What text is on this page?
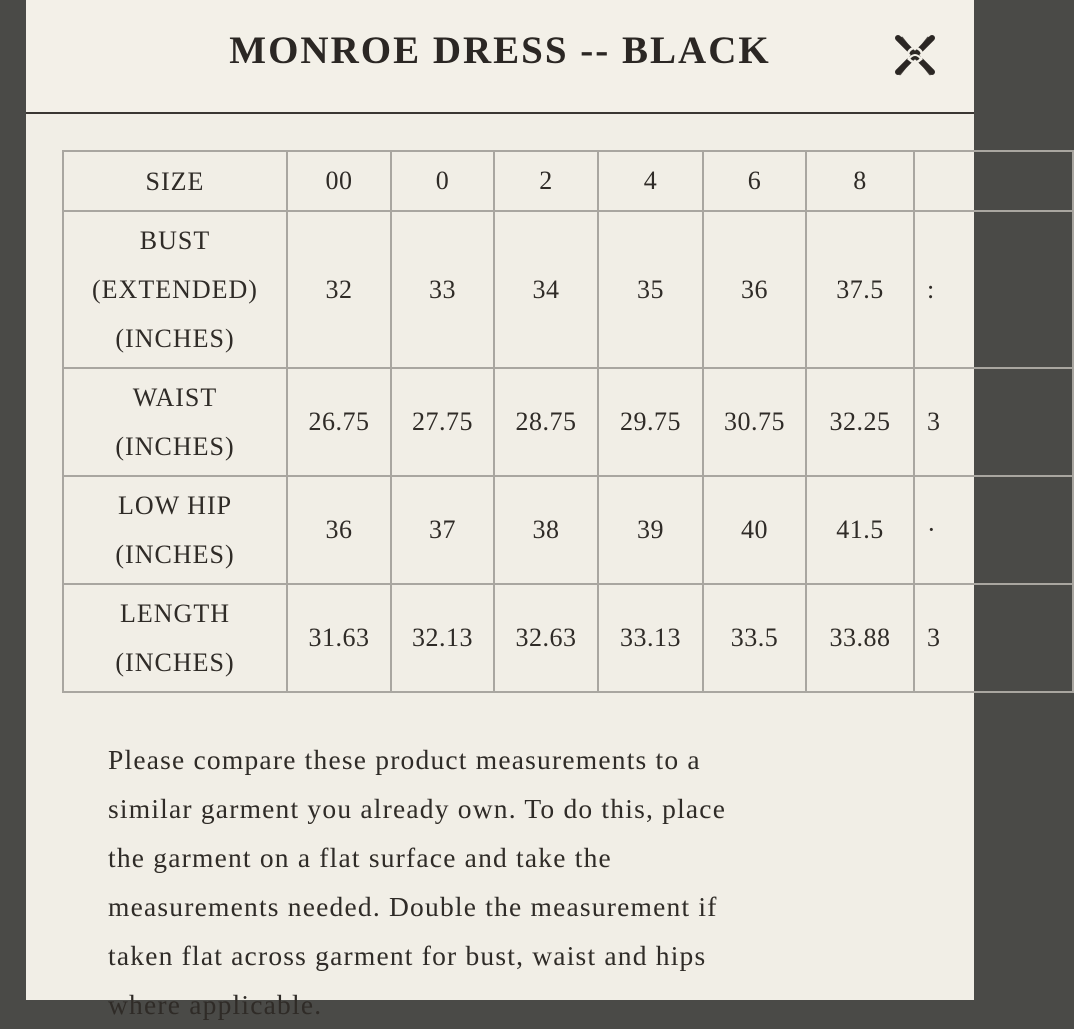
MONROE DRESS -- BLACK
SIZE	00	0	2	4	6	8	
BUST
(EXTENDED)
(INCHES)	32	33	34	35	36	37.5	:
WAIST
(INCHES)	26.75	27.75	28.75	29.75	30.75	32.25	3
LOW HIP
(INCHES)	36	37	38	39	40	41.5	·
LENGTH
(INCHES)	31.63	32.13	32.63	33.13	33.5	33.88	3
Please compare these product measurements to a
similar garment you already own. To do this, place
the garment on a flat surface and take the
measurements needed. Double the measurement if
taken flat across garment for bust, waist and hips
where applicable.
